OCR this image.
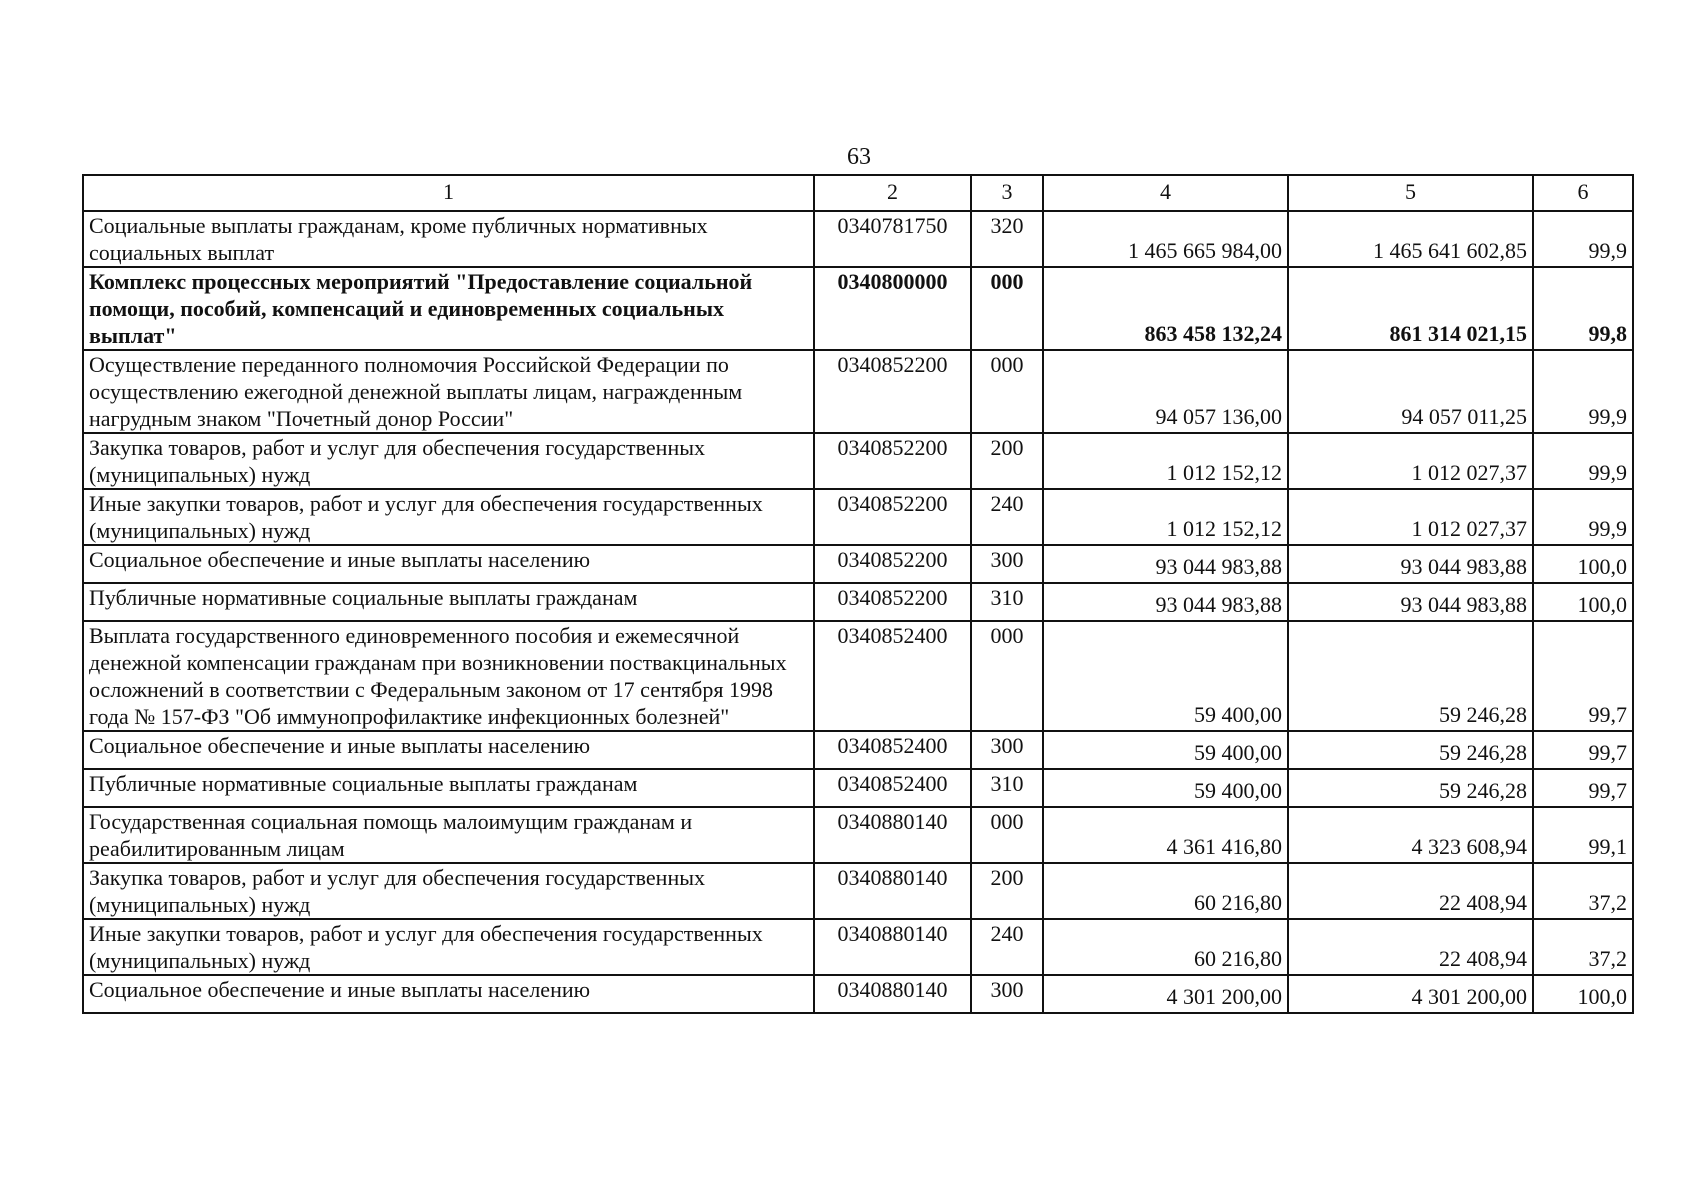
63
1	2	3	4	5	6
Социальные выплаты гражданам, кроме публичных нормативных социальных выплат	0340781750	320	1 465 665 984,00	1 465 641 602,85	99,9
Комплекс процессных мероприятий "Предоставление социальной помощи, пособий, компенсаций и единовременных социальных выплат"	0340800000	000	863 458 132,24	861 314 021,15	99,8
Осуществление переданного полномочия Российской Федерации по осуществлению ежегодной денежной выплаты лицам, награжденным нагрудным знаком "Почетный донор России"	0340852200	000	94 057 136,00	94 057 011,25	99,9
Закупка товаров, работ и услуг для обеспечения государственных (муниципальных) нужд	0340852200	200	1 012 152,12	1 012 027,37	99,9
Иные закупки товаров, работ и услуг для обеспечения государственных (муниципальных) нужд	0340852200	240	1 012 152,12	1 012 027,37	99,9
Социальное обеспечение и иные выплаты населению	0340852200	300	93 044 983,88	93 044 983,88	100,0
Публичные нормативные социальные выплаты гражданам	0340852200	310	93 044 983,88	93 044 983,88	100,0
Выплата государственного единовременного пособия и ежемесячной денежной компенсации гражданам при возникновении поствакцинальных осложнений в соответствии с Федеральным законом от 17 сентября 1998 года № 157-ФЗ "Об иммунопрофилактике инфекционных болезней"	0340852400	000	59 400,00	59 246,28	99,7
Социальное обеспечение и иные выплаты населению	0340852400	300	59 400,00	59 246,28	99,7
Публичные нормативные социальные выплаты гражданам	0340852400	310	59 400,00	59 246,28	99,7
Государственная социальная помощь малоимущим гражданам и реабилитированным лицам	0340880140	000	4 361 416,80	4 323 608,94	99,1
Закупка товаров, работ и услуг для обеспечения государственных (муниципальных) нужд	0340880140	200	60 216,80	22 408,94	37,2
Иные закупки товаров, работ и услуг для обеспечения государственных (муниципальных) нужд	0340880140	240	60 216,80	22 408,94	37,2
Социальное обеспечение и иные выплаты населению	0340880140	300	4 301 200,00	4 301 200,00	100,0
